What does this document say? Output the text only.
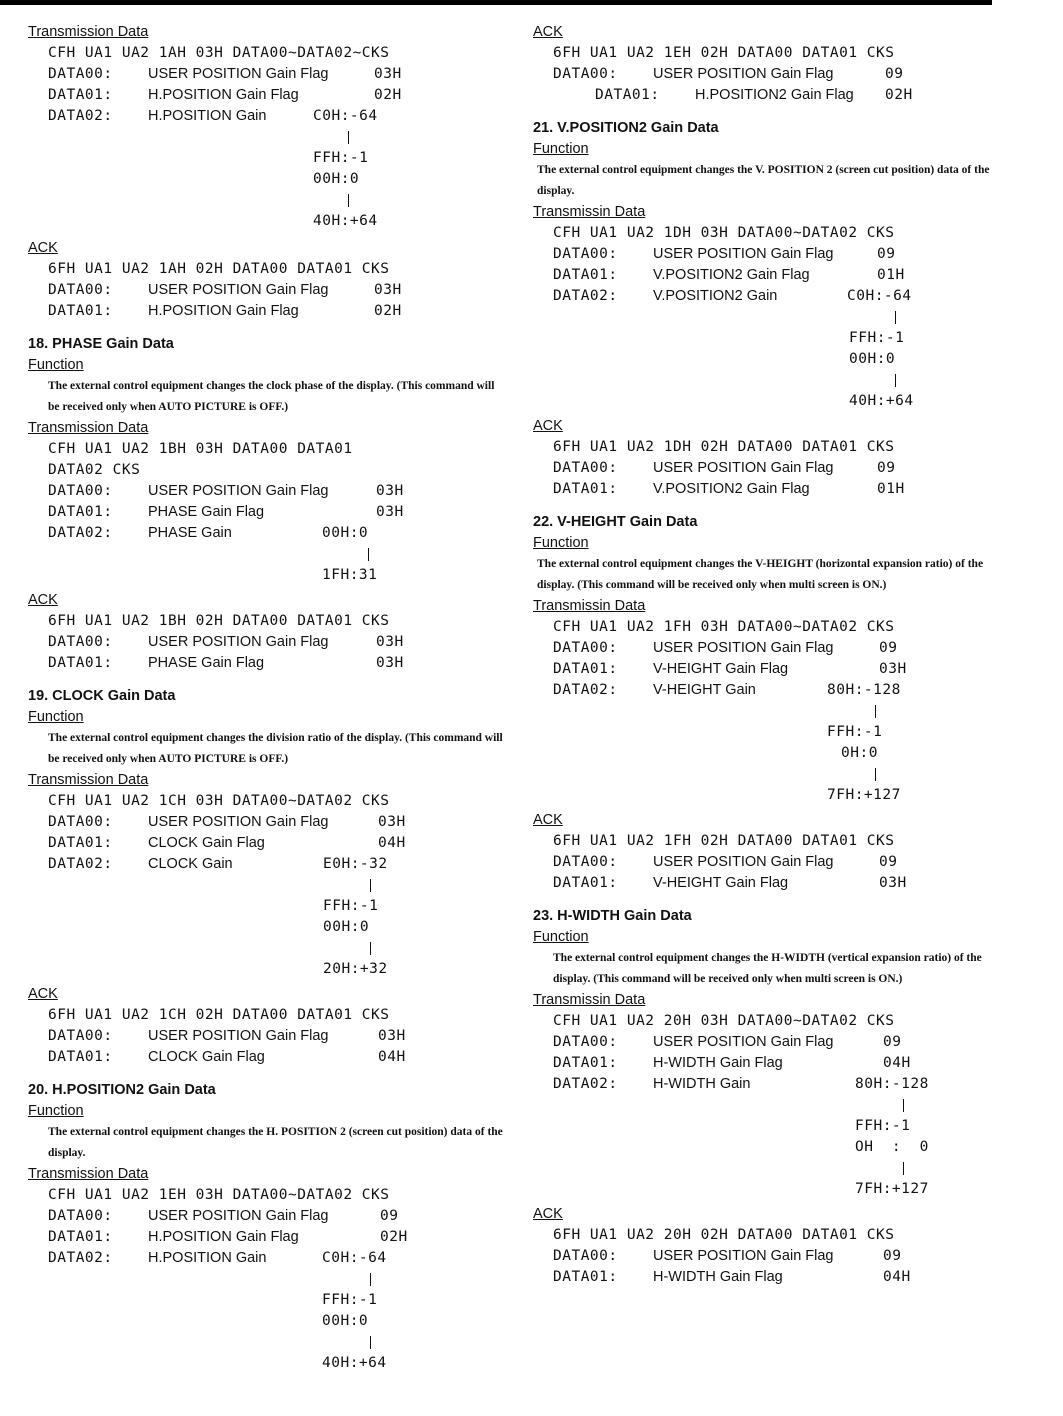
Transmission Data
CFH UA1 UA2 1AH 03H DATA00~DATA02~CKS
DATA00: USER POSITION Gain Flag	03H
DATA01: H.POSITION Gain Flag	02H
DATA02: H.POSITION Gain	C0H:-64
FFH:-1
00H:0
40H:+64
ACK
6FH UA1 UA2 1AH 02H DATA00 DATA01 CKS
DATA00: USER POSITION Gain Flag	03H
DATA01: H.POSITION Gain Flag	02H
18. PHASE Gain Data
Function
The external control equipment changes the clock phase of the display. (This command will be received only when AUTO PICTURE is OFF.)
Transmission Data
CFH UA1 UA2 1BH 03H DATA00 DATA01
DATA02 CKS
DATA00: USER POSITION Gain Flag	03H
DATA01: PHASE Gain Flag	03H
DATA02: PHASE Gain	00H:0
1FH:31
ACK
6FH UA1 UA2 1BH 02H DATA00 DATA01 CKS
DATA00: USER POSITION Gain Flag	03H
DATA01: PHASE Gain Flag	03H
19. CLOCK Gain Data
Function
The external control equipment changes the division ratio of the display. (This command will be received only when AUTO PICTURE is OFF.)
Transmission Data
CFH UA1 UA2 1CH 03H DATA00~DATA02 CKS
DATA00: USER POSITION Gain Flag	03H
DATA01: CLOCK Gain Flag	04H
DATA02: CLOCK Gain	E0H:-32
FFH:-1
00H:0
20H:+32
ACK
6FH UA1 UA2 1CH 02H DATA00 DATA01 CKS
DATA00: USER POSITION Gain Flag	03H
DATA01: CLOCK Gain Flag	04H
20. H.POSITION2 Gain Data
Function
The external control equipment changes the H. POSITION 2 (screen cut position) data of the display.
Transmission Data
CFH UA1 UA2 1EH 03H DATA00~DATA02 CKS
DATA00: USER POSITION Gain Flag	09
DATA01: H.POSITION Gain Flag	02H
DATA02: H.POSITION Gain	C0H:-64
FFH:-1
00H:0
40H:+64
ACK
6FH UA1 UA2 1EH 02H DATA00 DATA01 CKS
DATA00: USER POSITION Gain Flag	09
DATA01: H.POSITION2 Gain Flag 02H
21. V.POSITION2 Gain Data
Function
The external control equipment changes the V. POSITION 2 (screen cut position) data of the display.
Transmissin Data
CFH UA1 UA2 1DH 03H DATA00~DATA02 CKS
DATA00: USER POSITION Gain Flag	09
DATA01: V.POSITION2 Gain Flag	01H
DATA02: V.POSITION2 Gain	C0H:-64
FFH:-1
00H:0
40H:+64
ACK
6FH UA1 UA2 1DH 02H DATA00 DATA01 CKS
DATA00: USER POSITION Gain Flag	09
DATA01: V.POSITION2 Gain Flag	01H
22. V-HEIGHT Gain Data
Function
The external control equipment changes the V-HEIGHT (horizontal expansion ratio) of the display. (This command will be received only when multi screen is ON.)
Transmissin Data
CFH UA1 UA2 1FH 03H DATA00~DATA02 CKS
DATA00: USER POSITION Gain Flag	09
DATA01: V-HEIGHT Gain Flag	03H
DATA02: V-HEIGHT Gain	80H:-128
FFH:-1
0H:0
7FH:+127
ACK
6FH UA1 UA2 1FH 02H DATA00 DATA01 CKS
DATA00: USER POSITION Gain Flag	09
DATA01: V-HEIGHT Gain Flag	03H
23. H-WIDTH Gain Data
Function
The external control equipment changes the H-WIDTH (vertical expansion ratio) of the display. (This command will be received only when multi screen is ON.)
Transmissin Data
CFH UA1 UA2 20H 03H DATA00~DATA02 CKS
DATA00: USER POSITION Gain Flag	09
DATA01: H-WIDTH Gain Flag	04H
DATA02: H-WIDTH Gain	80H:-128
FFH:-1
OH  :  0
7FH:+127
ACK
6FH UA1 UA2 20H 02H DATA00 DATA01 CKS
DATA00: USER POSITION Gain Flag	09
DATA01: H-WIDTH Gain Flag	04H
